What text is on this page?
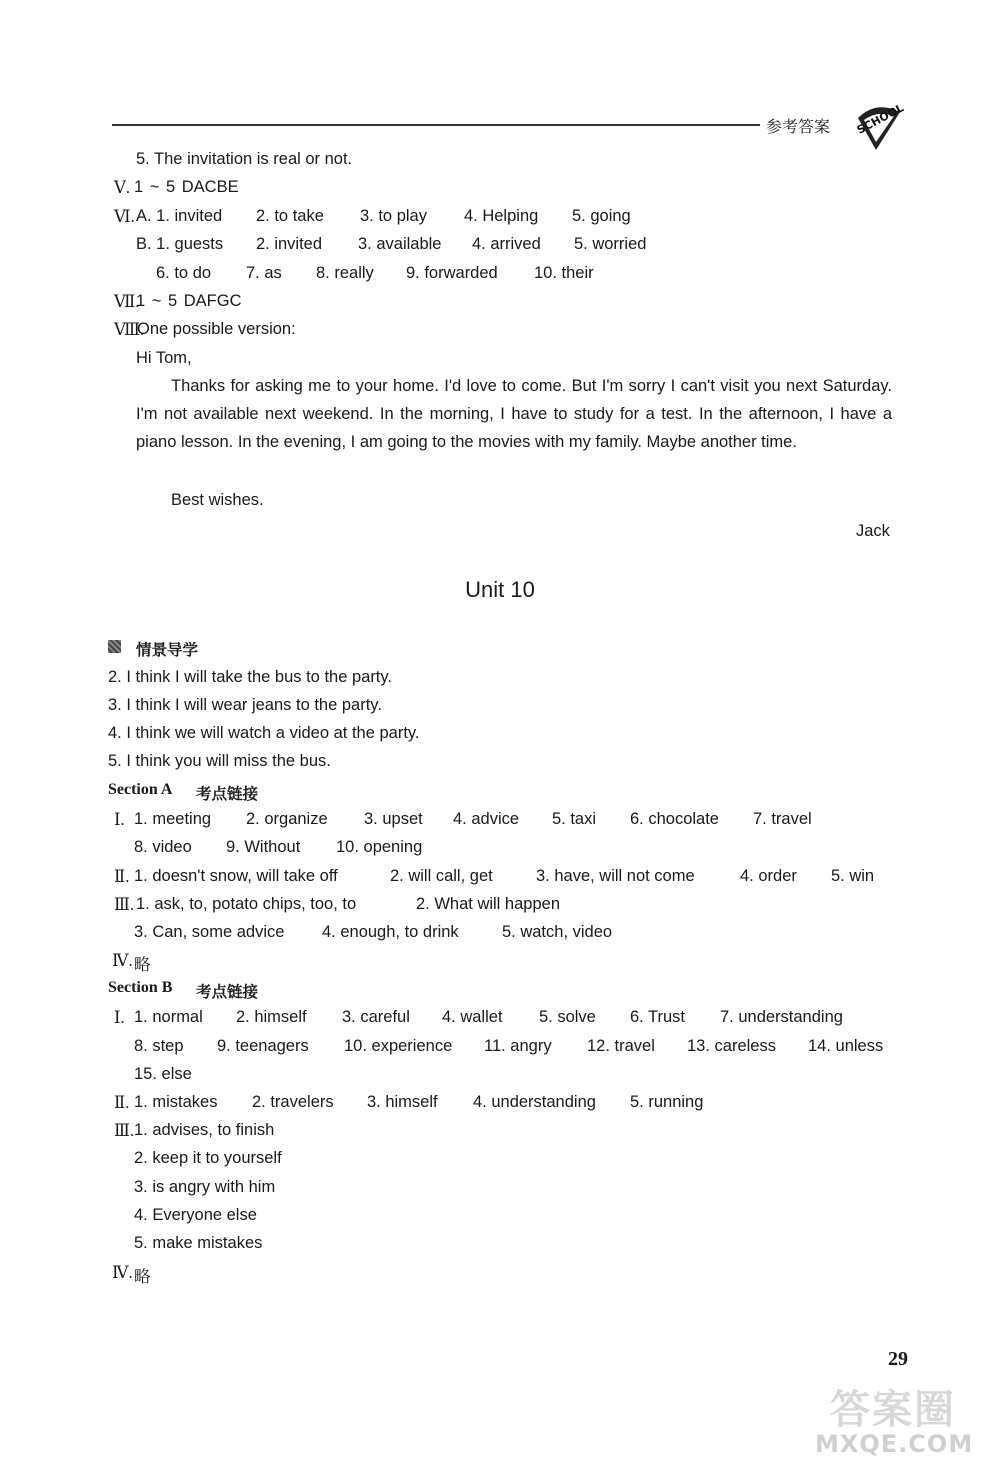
参考答案 SCHOOL
5. The invitation is real or not.
Ⅴ. 1 ~ 5 DACBE
Ⅵ. A. 1. invited 2. to take 3. to play 4. Helping 5. going
B. 1. guests 2. invited 3. available 4. arrived 5. worried
6. to do 7. as 8. really 9. forwarded 10. their
Ⅶ.
1 ~ 5 DAFGC
Ⅷ.
One possible version:
Hi Tom,
Thanks for asking me to your home. I'd love to come. But I'm sorry I can't visit you next Saturday. I'm not available next weekend. In the morning, I have to study for a test. In the afternoon, I have a piano lesson. In the evening, I am going to the movies with my family. Maybe another time.
Best wishes.
Jack
Unit 10
情景导学
2. I think I will take the bus to the party.
3. I think I will wear jeans to the party.
4. I think we will watch a video at the party.
5. I think you will miss the bus.
Section A 考点链接
Ⅰ. 1. meeting 2. organize 3. upset 4. advice 5. taxi 6. chocolate 7. travel
8. video 9. Without 10. opening
Ⅱ. 1. doesn't snow, will take off	2. will call, get	3. have, will not come	4. order 5. win
Ⅲ. 1. ask, to, potato chips, too, to	2. What will happen
3. Can, some advice 4. enough, to drink	5. watch, video
Ⅳ. 略
Section B 考点链接
Ⅰ. 1. normal 2. himself 3. careful 4. wallet 5. solve 6. Trust 7. understanding
8. step 9. teenagers 10. experience 11. angry 12. travel 13. careless 14. unless
15. else
Ⅱ. 1. mistakes 2. travelers 3. himself 4. understanding 5. running
Ⅲ. 1. advises, to finish
2. keep it to yourself
3. is angry with him
4. Everyone else
5. make mistakes
Ⅳ. 略
29
答案圈
MXQE.COM
